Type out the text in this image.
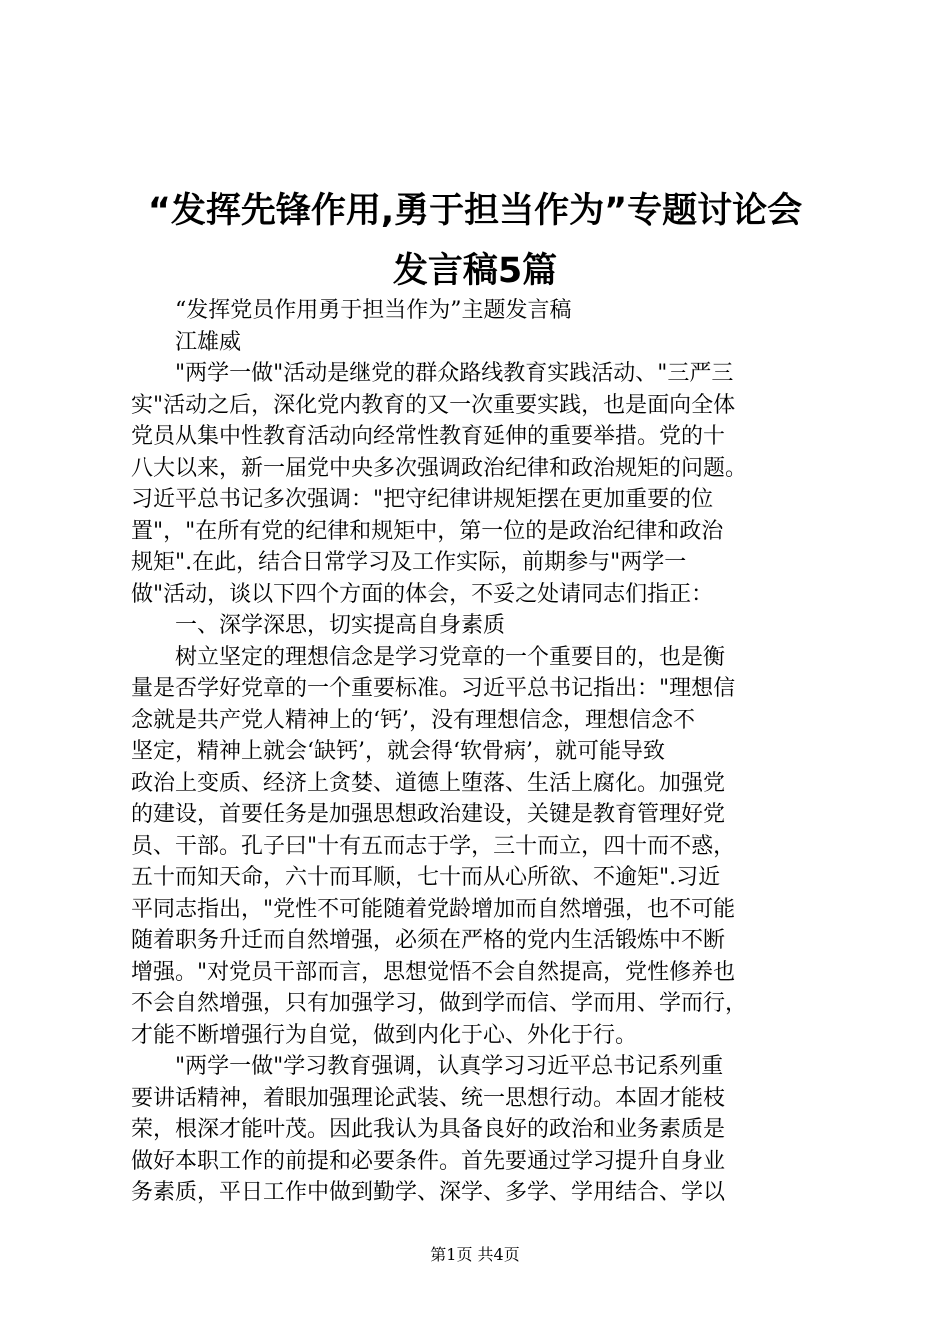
“发挥先锋作用,勇于担当作为”专题讨论会
发言稿5篇
“发挥党员作用勇于担当作为”主题发言稿
江雄威
"两学一做"活动是继党的群众路线教育实践活动、"三严三
实"活动之后，深化党内教育的又一次重要实践，也是面向全体
党员从集中性教育活动向经常性教育延伸的重要举措。党的十
八大以来，新一届党中央多次强调政治纪律和政治规矩的问题。
习近平总书记多次强调："把守纪律讲规矩摆在更加重要的位
置"，"在所有党的纪律和规矩中，第一位的是政治纪律和政治
规矩".在此，结合日常学习及工作实际，前期参与"两学一
做"活动，谈以下四个方面的体会，不妥之处请同志们指正：
一、深学深思，切实提高自身素质
树立坚定的理想信念是学习党章的一个重要目的，也是衡
量是否学好党章的一个重要标准。习近平总书记指出："理想信
念就是共产党人精神上的‘钙’，没有理想信念，理想信念不
坚定，精神上就会‘缺钙’，就会得‘软骨病’，就可能导致
政治上变质、经济上贪婪、道德上堕落、生活上腐化。加强党
的建设，首要任务是加强思想政治建设，关键是教育管理好党
员、干部。孔子曰"十有五而志于学，三十而立，四十而不惑，
五十而知天命，六十而耳顺，七十而从心所欲、不逾矩".习近
平同志指出，"党性不可能随着党龄增加而自然增强，也不可能
随着职务升迁而自然增强，必须在严格的党内生活锻炼中不断
增强。"对党员干部而言，思想觉悟不会自然提高，党性修养也
不会自然增强，只有加强学习，做到学而信、学而用、学而行，
才能不断增强行为自觉，做到内化于心、外化于行。
"两学一做"学习教育强调，认真学习习近平总书记系列重
要讲话精神，着眼加强理论武装、统一思想行动。本固才能枝
荣，根深才能叶茂。因此我认为具备良好的政治和业务素质是
做好本职工作的前提和必要条件。首先要通过学习提升自身业
务素质，平日工作中做到勤学、深学、多学、学用结合、学以
第1页 共4页
